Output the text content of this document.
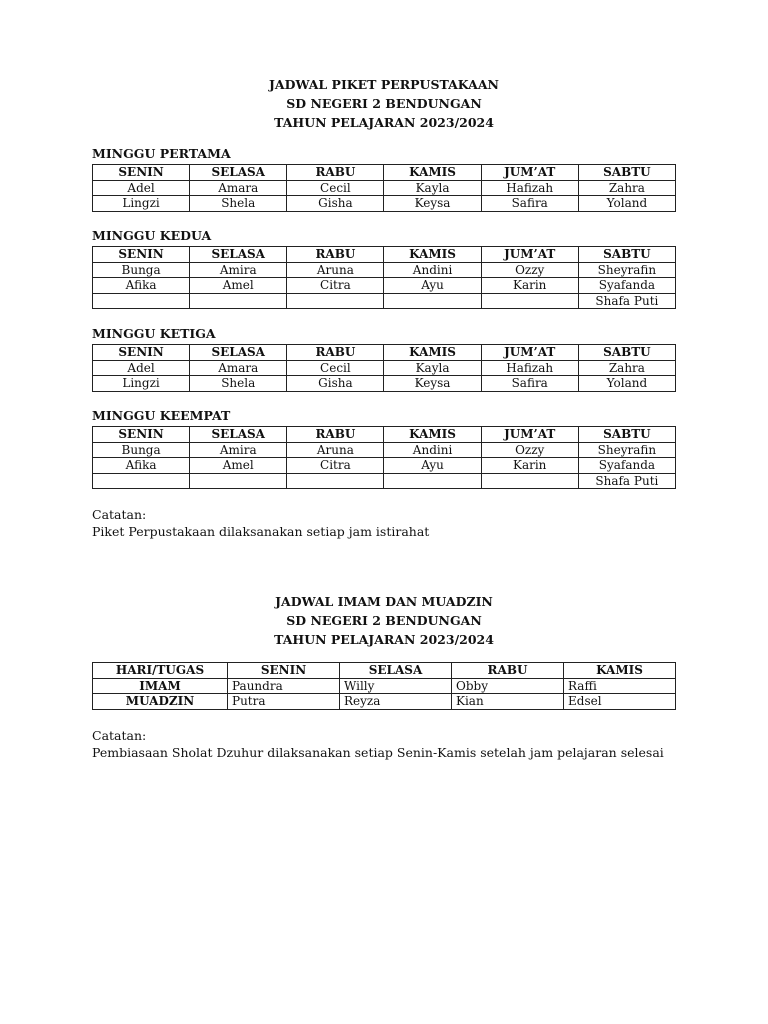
JADWAL PIKET PERPUSTAKAAN
SD NEGERI 2 BENDUNGAN
TAHUN PELAJARAN 2023/2024
MINGGU PERTAMA
SENIN	SELASA	RABU	KAMIS	JUM’AT	SABTU
Adel	Amara	Cecil	Kayla	Hafizah	Zahra
Lingzi	Shela	Gisha	Keysa	Safira	Yoland
MINGGU KEDUA
SENIN	SELASA	RABU	KAMIS	JUM’AT	SABTU
Bunga	Amira	Aruna	Andini	Ozzy	Sheyrafin
Afika	Amel	Citra	Ayu	Karin	Syafanda
					Shafa Puti
MINGGU KETIGA
SENIN	SELASA	RABU	KAMIS	JUM’AT	SABTU
Adel	Amara	Cecil	Kayla	Hafizah	Zahra
Lingzi	Shela	Gisha	Keysa	Safira	Yoland
MINGGU KEEMPAT
SENIN	SELASA	RABU	KAMIS	JUM’AT	SABTU
Bunga	Amira	Aruna	Andini	Ozzy	Sheyrafin
Afika	Amel	Citra	Ayu	Karin	Syafanda
					Shafa Puti
Catatan:
Piket Perpustakaan dilaksanakan setiap jam istirahat
JADWAL IMAM DAN MUADZIN
SD NEGERI 2 BENDUNGAN
TAHUN PELAJARAN 2023/2024
HARI/TUGAS	SENIN	SELASA	RABU	KAMIS
IMAM	Paundra	Willy	Obby	Raffi
MUADZIN	Putra	Reyza	Kian	Edsel
Catatan:
Pembiasaan Sholat Dzuhur dilaksanakan setiap Senin-Kamis setelah jam pelajaran selesai
